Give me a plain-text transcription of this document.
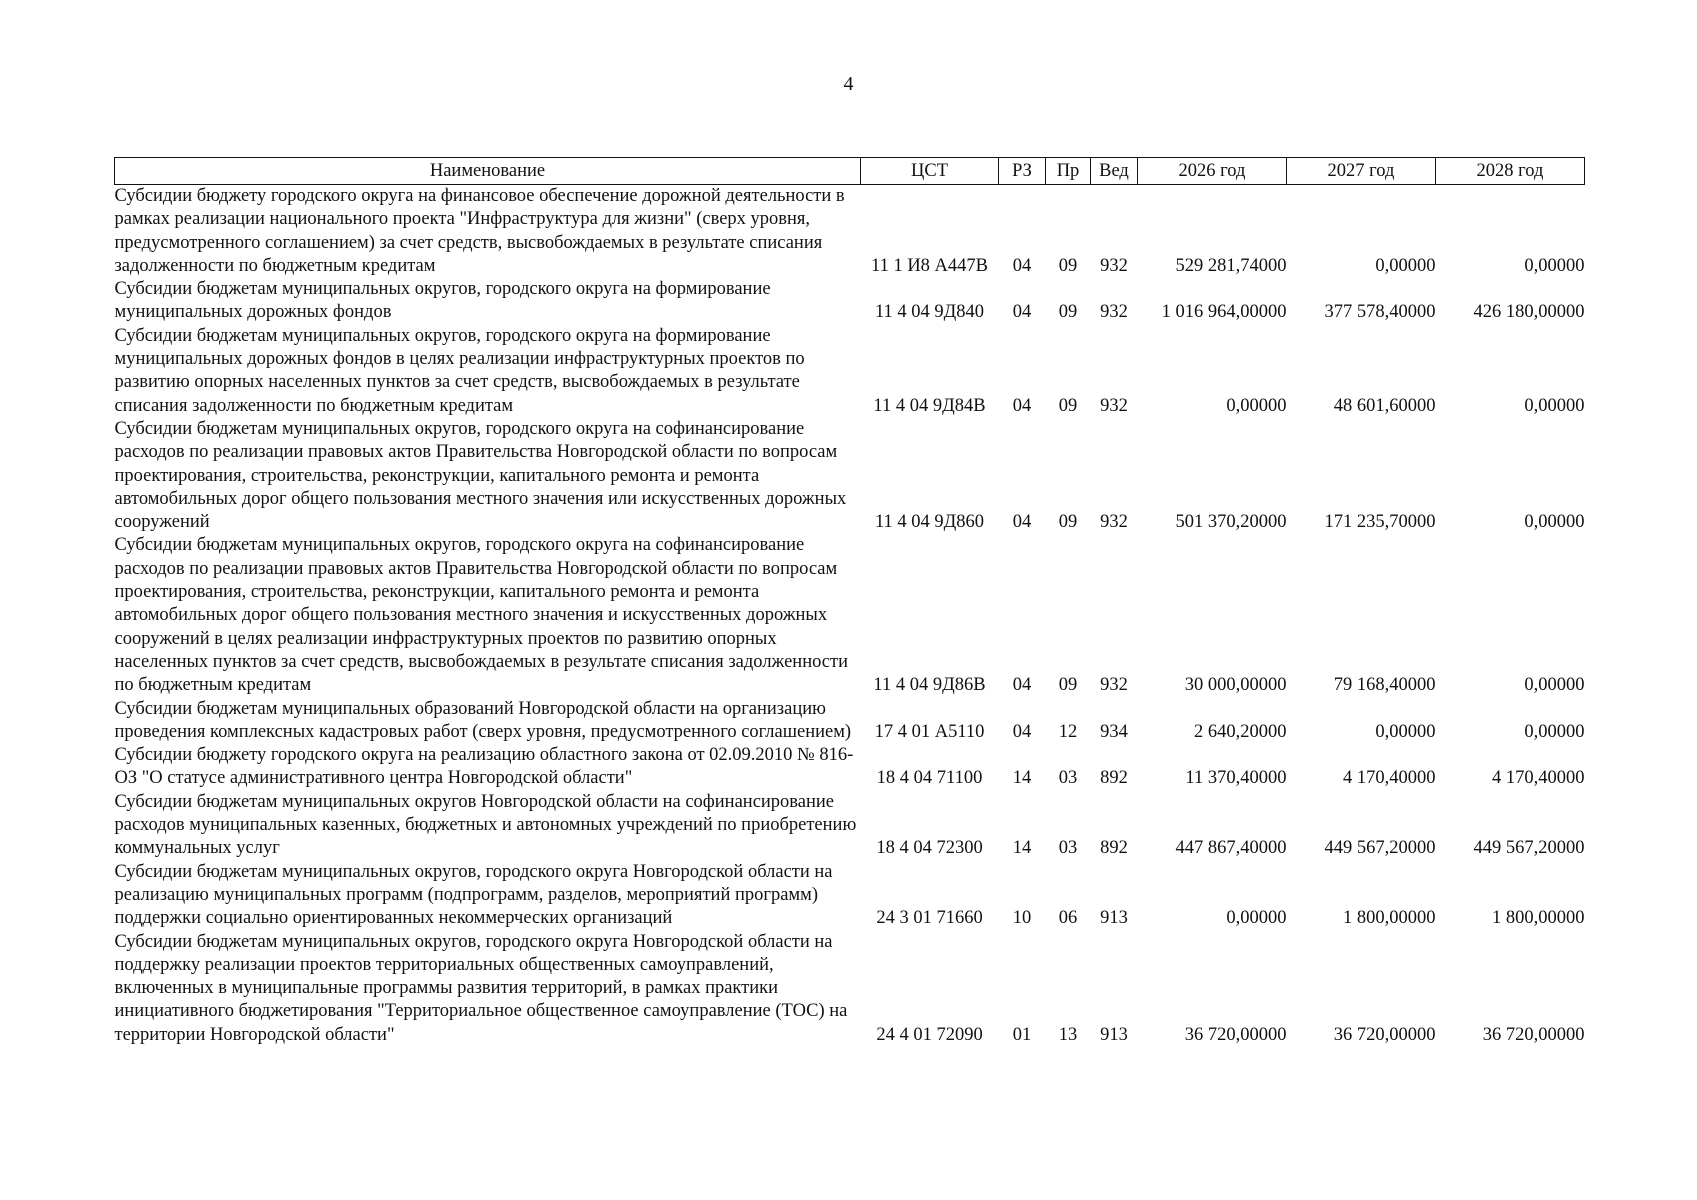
4
Наименование	ЦСТ	РЗ	Пр	Вед	2026 год	2027 год	2028 год
Субсидии бюджету городского округа на финансовое обеспечение дорожной деятельности в рамках реализации национального проекта "Инфраструктура для жизни" (сверх уровня, предусмотренного соглашением) за счет средств, высвобождаемых в результате списания задолженности по бюджетным кредитам	11 1 И8 А447В	04	09	932	529 281,74000	0,00000	0,00000
Субсидии бюджетам муниципальных округов, городского округа на формирование муниципальных дорожных фондов	11 4 04 9Д840	04	09	932	1 016 964,00000	377 578,40000	426 180,00000
Субсидии бюджетам муниципальных округов, городского округа на формирование муниципальных дорожных фондов в целях реализации инфраструктурных проектов по развитию опорных населенных пунктов за счет средств, высвобождаемых в результате списания задолженности по бюджетным кредитам	11 4 04 9Д84В	04	09	932	0,00000	48 601,60000	0,00000
Субсидии бюджетам муниципальных округов, городского округа на софинансирование расходов по реализации правовых актов Правительства Новгородской области по вопросам проектирования, строительства, реконструкции, капитального ремонта и ремонта автомобильных дорог общего пользования местного значения или искусственных дорожных сооружений	11 4 04 9Д860	04	09	932	501 370,20000	171 235,70000	0,00000
Субсидии бюджетам муниципальных округов, городского округа на софинансирование расходов по реализации правовых актов Правительства Новгородской области по вопросам проектирования, строительства, реконструкции, капитального ремонта и ремонта автомобильных дорог общего пользования местного значения и искусственных дорожных сооружений в целях реализации инфраструктурных проектов по развитию опорных населенных пунктов за счет средств, высвобождаемых в результате списания задолженности по бюджетным кредитам	11 4 04 9Д86В	04	09	932	30 000,00000	79 168,40000	0,00000
Субсидии бюджетам муниципальных образований Новгородской области на организацию проведения комплексных кадастровых работ (сверх уровня, предусмотренного соглашением)	17 4 01 А5110	04	12	934	2 640,20000	0,00000	0,00000
Субсидии бюджету городского округа на реализацию областного закона от 02.09.2010 № 816-ОЗ "О статусе административного центра Новгородской области"	18 4 04 71100	14	03	892	11 370,40000	4 170,40000	4 170,40000
Субсидии бюджетам муниципальных округов Новгородской области на софинансирование расходов муниципальных казенных, бюджетных и автономных учреждений по приобретению коммунальных услуг	18 4 04 72300	14	03	892	447 867,40000	449 567,20000	449 567,20000
Субсидии бюджетам муниципальных округов, городского округа Новгородской области на реализацию муниципальных программ (подпрограмм, разделов, мероприятий программ) поддержки социально ориентированных некоммерческих организаций	24 3 01 71660	10	06	913	0,00000	1 800,00000	1 800,00000
Субсидии бюджетам муниципальных округов, городского округа Новгородской области на поддержку реализации проектов территориальных общественных самоуправлений, включенных в муниципальные программы развития территорий, в рамках практики инициативного бюджетирования "Территориальное общественное самоуправление (ТОС) на территории Новгородской области"	24 4 01 72090	01	13	913	36 720,00000	36 720,00000	36 720,00000
